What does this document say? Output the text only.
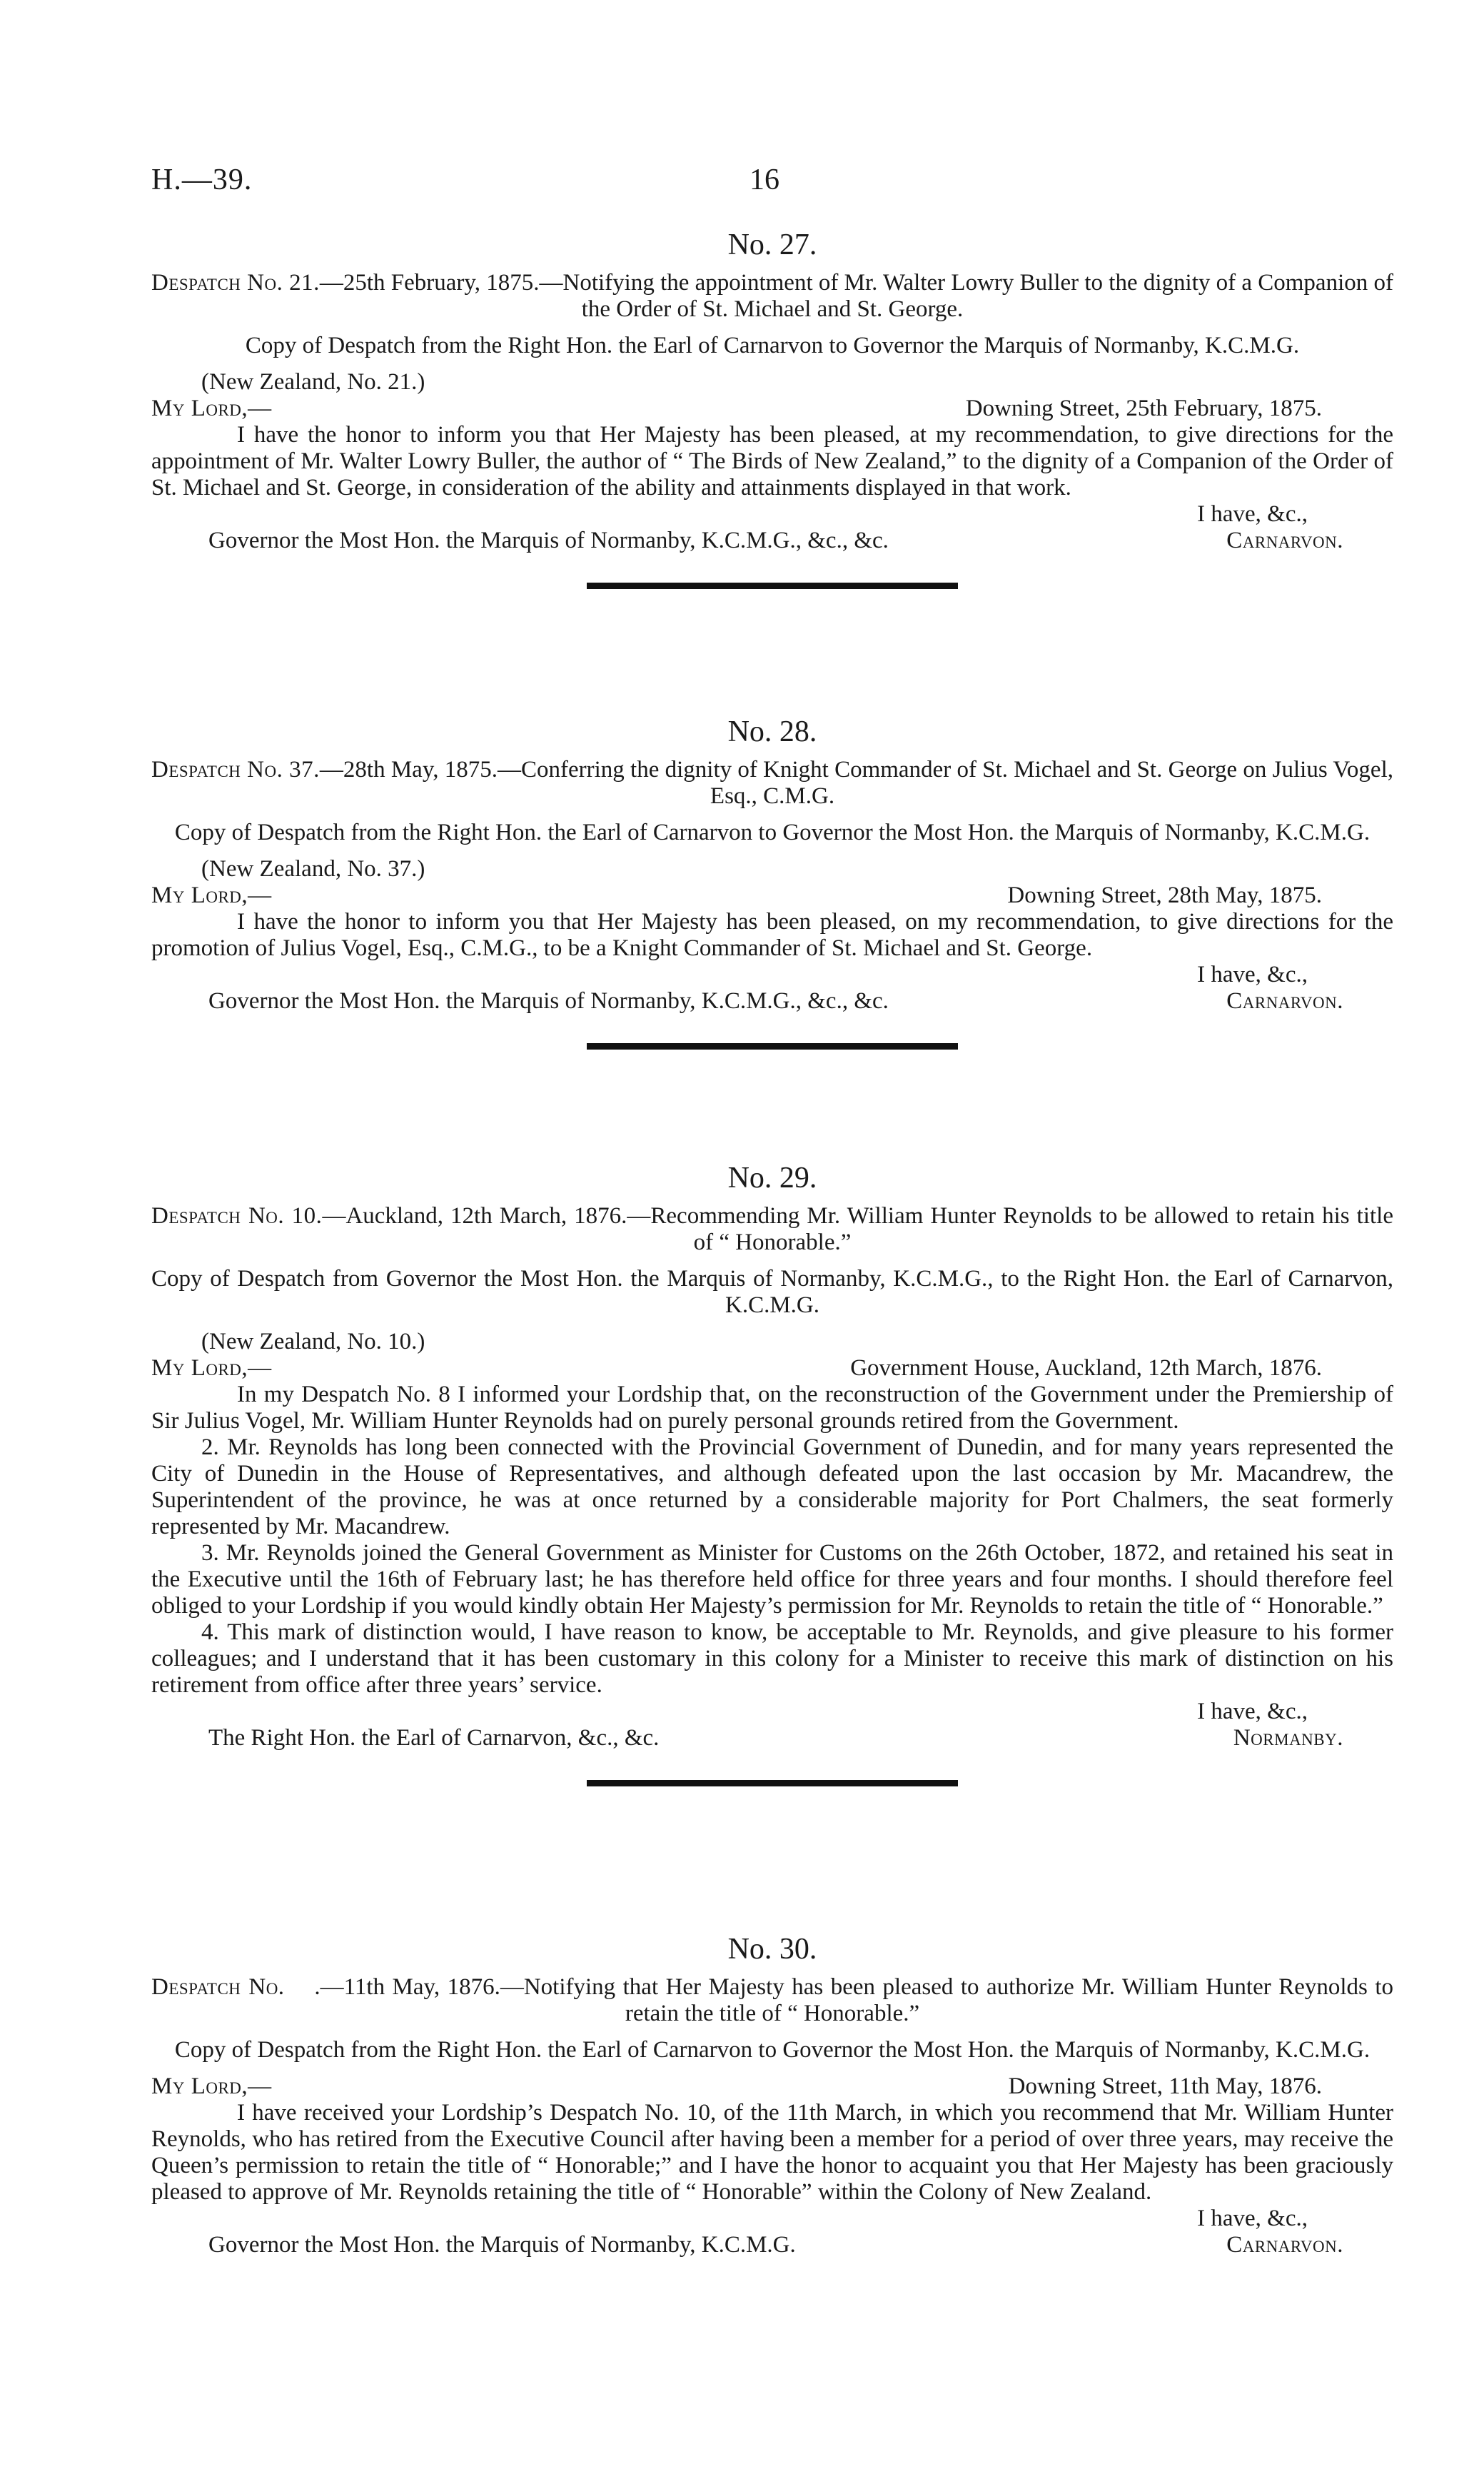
H.—39.	16
No. 27.

Despatch No. 21.—25th February, 1875.—Notifying the appointment of Mr. Walter Lowry Buller to the dignity of a Companion of the Order of St. Michael and St. George.

Copy of Despatch from the Right Hon. the Earl of Carnarvon to Governor the Marquis of Normanby, K.C.M.G.

(New Zealand, No. 21.)

My Lord,—	Downing Street, 25th February, 1875.

I have the honor to inform you that Her Majesty has been pleased, at my recommendation, to give directions for the appointment of Mr. Walter Lowry Buller, the author of “ The Birds of New Zealand,” to the dignity of a Companion of the Order of St. Michael and St. George, in consideration of the ability and attainments displayed in that work.

I have, &c.,

Governor the Most Hon. the Marquis of Normanby, K.C.M.G., &c., &c.	Carnarvon.
No. 28.

Despatch No. 37.—28th May, 1875.—Conferring the dignity of Knight Commander of St. Michael and St. George on Julius Vogel, Esq., C.M.G.

Copy of Despatch from the Right Hon. the Earl of Carnarvon to Governor the Most Hon. the Marquis of Normanby, K.C.M.G.

(New Zealand, No. 37.)

My Lord,—	Downing Street, 28th May, 1875.

I have the honor to inform you that Her Majesty has been pleased, on my recommendation, to give directions for the promotion of Julius Vogel, Esq., C.M.G., to be a Knight Commander of St. Michael and St. George.

I have, &c.,

Governor the Most Hon. the Marquis of Normanby, K.C.M.G., &c., &c.	Carnarvon.
No. 29.

Despatch No. 10.—Auckland, 12th March, 1876.—Recommending Mr. William Hunter Reynolds to be allowed to retain his title of “ Honorable.”

Copy of Despatch from Governor the Most Hon. the Marquis of Normanby, K.C.M.G., to the Right Hon. the Earl of Carnarvon, K.C.M.G.

(New Zealand, No. 10.)

My Lord,—	Government House, Auckland, 12th March, 1876.

In my Despatch No. 8 I informed your Lordship that, on the reconstruction of the Government under the Premiership of Sir Julius Vogel, Mr. William Hunter Reynolds had on purely personal grounds retired from the Government.

2. Mr. Reynolds has long been connected with the Provincial Government of Dunedin, and for many years represented the City of Dunedin in the House of Representatives, and although defeated upon the last occasion by Mr. Macandrew, the Superintendent of the province, he was at once returned by a considerable majority for Port Chalmers, the seat formerly represented by Mr. Macandrew.

3. Mr. Reynolds joined the General Government as Minister for Customs on the 26th October, 1872, and retained his seat in the Executive until the 16th of February last; he has therefore held office for three years and four months. I should therefore feel obliged to your Lordship if you would kindly obtain Her Majesty’s permission for Mr. Reynolds to retain the title of “ Honorable.”

4. This mark of distinction would, I have reason to know, be acceptable to Mr. Reynolds, and give pleasure to his former colleagues; and I understand that it has been customary in this colony for a Minister to receive this mark of distinction on his retirement from office after three years’ service.

I have, &c.,

The Right Hon. the Earl of Carnarvon, &c., &c.	Normanby.
No. 30.

Despatch No.    .—11th May, 1876.—Notifying that Her Majesty has been pleased to authorize Mr. William Hunter Reynolds to retain the title of “ Honorable.”

Copy of Despatch from the Right Hon. the Earl of Carnarvon to Governor the Most Hon. the Marquis of Normanby, K.C.M.G.

My Lord,—	Downing Street, 11th May, 1876.

I have received your Lordship’s Despatch No. 10, of the 11th March, in which you recommend that Mr. William Hunter Reynolds, who has retired from the Executive Council after having been a member for a period of over three years, may receive the Queen’s permission to retain the title of “ Honorable;” and I have the honor to acquaint you that Her Majesty has been graciously pleased to approve of Mr. Reynolds retaining the title of “ Honorable” within the Colony of New Zealand.

I have, &c.,

Governor the Most Hon. the Marquis of Normanby, K.C.M.G.	Carnarvon.
